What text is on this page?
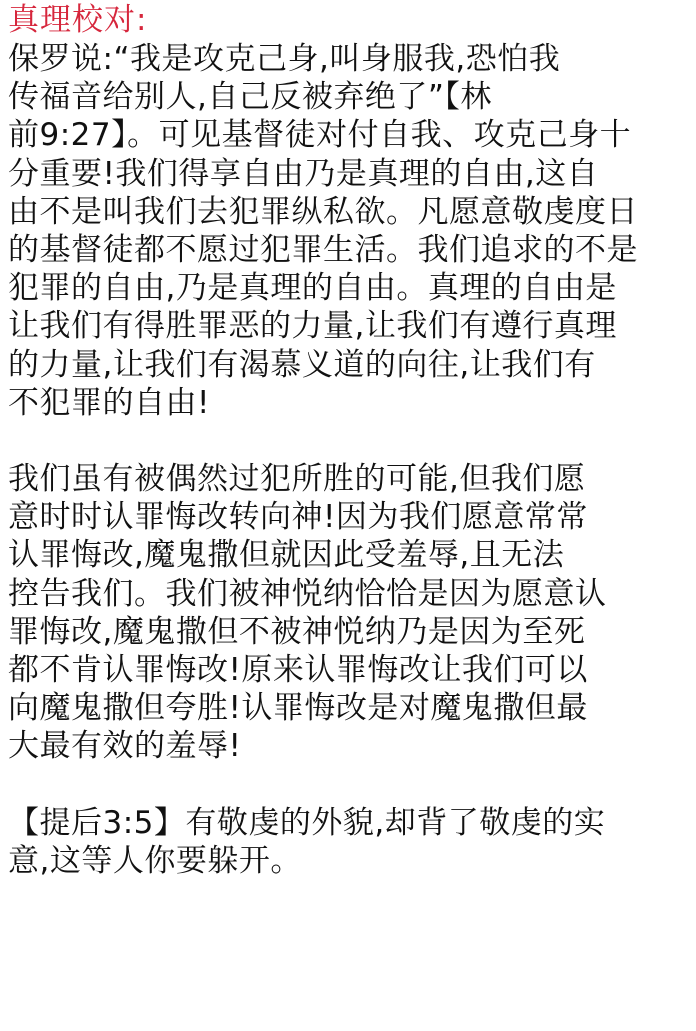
真理校对:

保罗说:“我是攻克己身,叫身服我,恐怕我
传福音给别人,自己反被弃绝了”【林
前9:27】。可见基督徒对付自我、攻克己身十
分重要!我们得享自由乃是真理的自由,这自
由不是叫我们去犯罪纵私欲。凡愿意敬虔度日
的基督徒都不愿过犯罪生活。我们追求的不是
犯罪的自由,乃是真理的自由。真理的自由是
让我们有得胜罪恶的力量,让我们有遵行真理
的力量,让我们有渴慕义道的向往,让我们有
不犯罪的自由!

我们虽有被偶然过犯所胜的可能,但我们愿
意时时认罪悔改转向神!因为我们愿意常常
认罪悔改,魔鬼撒但就因此受羞辱,且无法
控告我们。我们被神悦纳恰恰是因为愿意认
罪悔改,魔鬼撒但不被神悦纳乃是因为至死
都不肯认罪悔改!原来认罪悔改让我们可以
向魔鬼撒但夸胜!认罪悔改是对魔鬼撒但最
大最有效的羞辱!

【提后3:5】有敬虔的外貌,却背了敬虔的实
意,这等人你要躲开。
